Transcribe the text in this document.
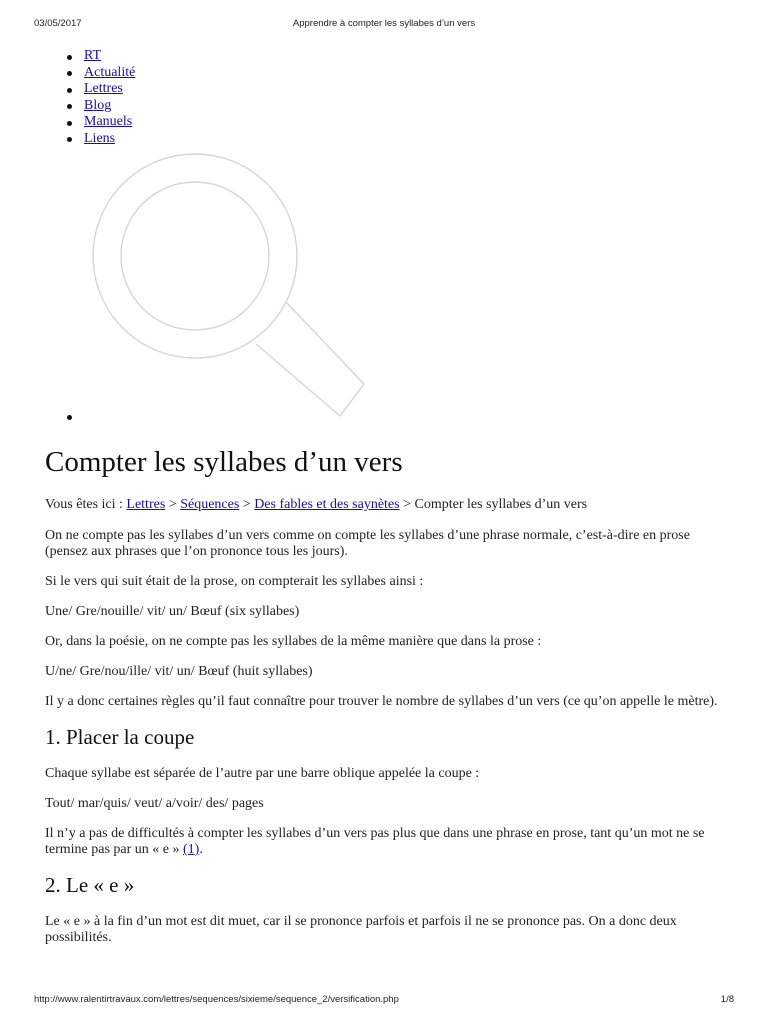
03/05/2017	Apprendre à compter les syllabes d’un vers
RT
Actualité
Lettres
Blog
Manuels
Liens
Compter les syllabes d’un vers

Vous êtes ici : Lettres > Séquences > Des fables et des saynètes > Compter les syllabes d’un vers

On ne compte pas les syllabes d’un vers comme on compte les syllabes d’une phrase normale, c’est-à-dire en prose (pensez aux phrases que l’on prononce tous les jours).

Si le vers qui suit était de la prose, on compterait les syllabes ainsi :

Une/ Gre/nouille/ vit/ un/ Bœuf (six syllabes)

Or, dans la poésie, on ne compte pas les syllabes de la même manière que dans la prose :

U/ne/ Gre/nou/ille/ vit/ un/ Bœuf (huit syllabes)

Il y a donc certaines règles qu’il faut connaître pour trouver le nombre de syllabes d’un vers (ce qu’on appelle le mètre).

1. Placer la coupe

Chaque syllabe est séparée de l’autre par une barre oblique appelée la coupe :

Tout/ mar/quis/ veut/ a/voir/ des/ pages

Il n’y a pas de difficultés à compter les syllabes d’un vers pas plus que dans une phrase en prose, tant qu’un mot ne se termine pas par un « e » (1).

2. Le « e »

Le « e » à la fin d’un mot est dit muet, car il se prononce parfois et parfois il ne se prononce pas. On a donc deux possibilités.

http://www.ralentirtravaux.com/lettres/sequences/sixieme/sequence_2/versification.php	1/8
